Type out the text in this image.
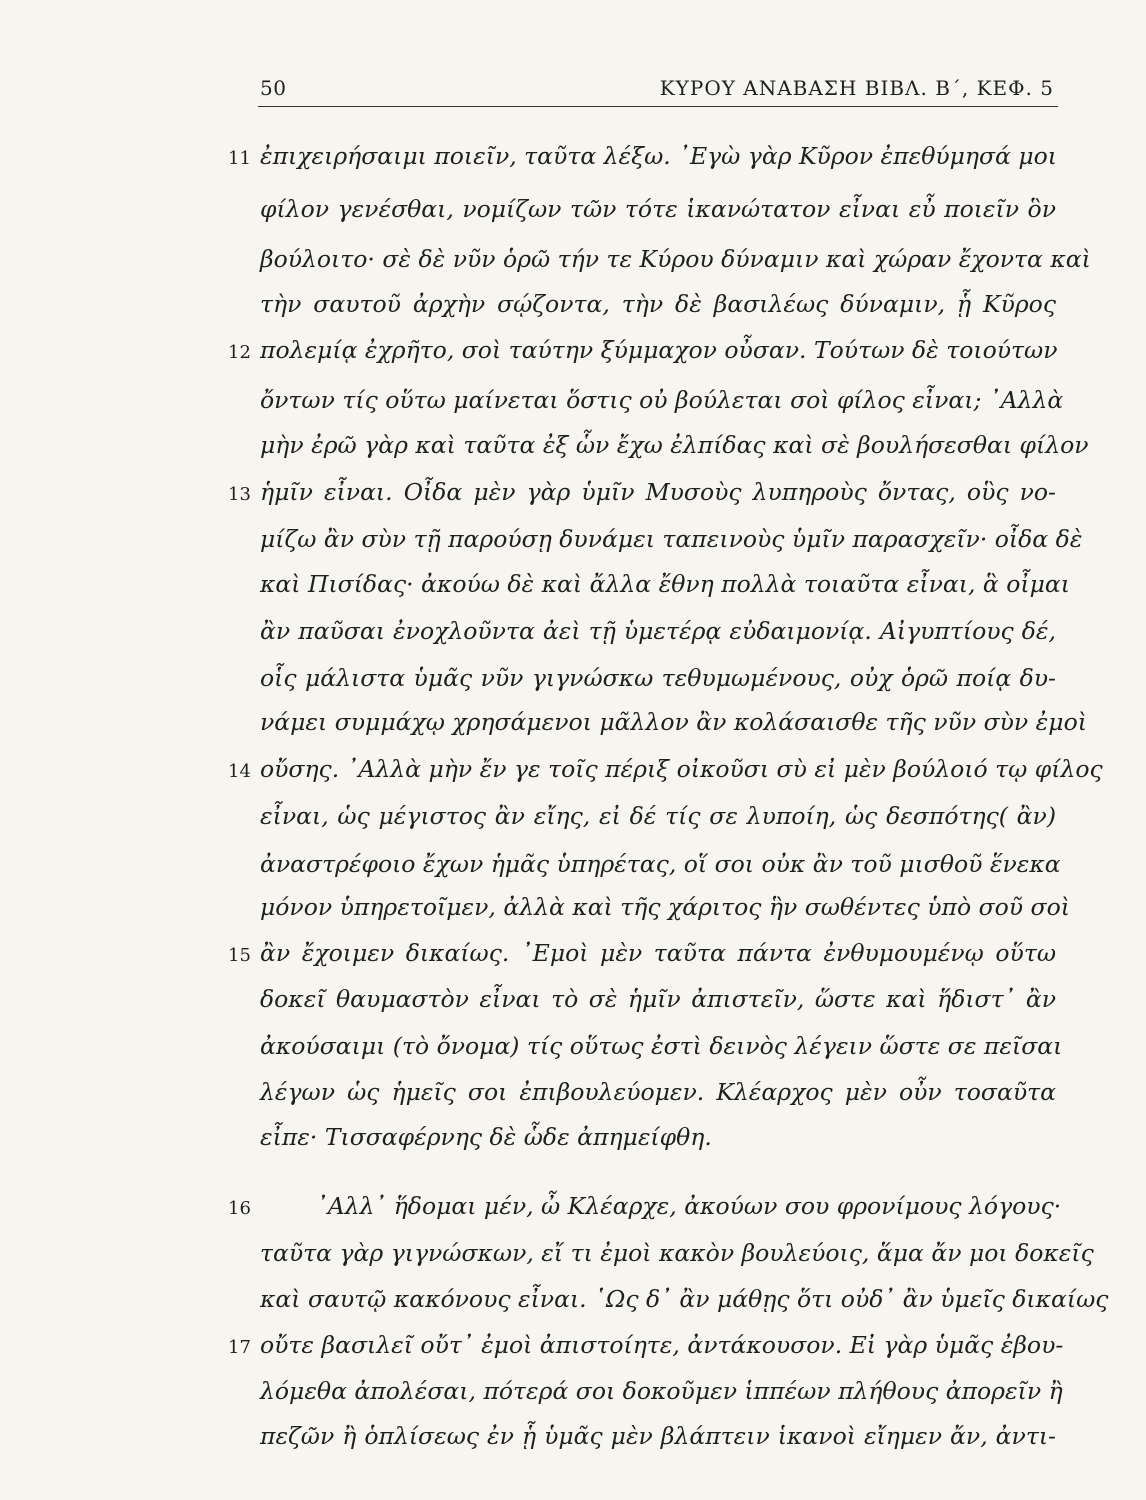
50	ΚΥΡΟΥ ΑΝΑΒΑΣΗ ΒΙΒΛ. Β΄, ΚΕΦ. 5
11 ἐπιχειρήσαιμι ποιεῖν, ταῦτα λέξω. ᾿Εγὼ γὰρ Κῦρον ἐπεθύμησά μοι
φίλον γενέσθαι, νομίζων τῶν τότε ἱκανώτατον εἶναι εὖ ποιεῖν ὃν
βούλοιτο· σὲ δὲ νῦν ὁρῶ τήν τε Κύρου δύναμιν καὶ χώραν ἔχοντα καὶ
τὴν σαυτοῦ ἀρχὴν σῴζοντα, τὴν δὲ βασιλέως δύναμιν, ᾗ Κῦρος
12 πολεμίᾳ ἐχρῆτο, σοὶ ταύτην ξύμμαχον οὖσαν. Τούτων δὲ τοιούτων
ὄντων τίς οὕτω μαίνεται ὅστις οὐ βούλεται σοὶ φίλος εἶναι; ᾿Αλλὰ
μὴν ἐρῶ γὰρ καὶ ταῦτα ἐξ ὧν ἔχω ἐλπίδας καὶ σὲ βουλήσεσθαι φίλον
13 ἡμῖν εἶναι. Οἶδα μὲν γὰρ ὑμῖν Μυσοὺς λυπηροὺς ὄντας, οὓς νο-
μίζω ἂν σὺν τῇ παρούσῃ δυνάμει ταπεινοὺς ὑμῖν παρασχεῖν· οἶδα δὲ
καὶ Πισίδας· ἀκούω δὲ καὶ ἄλλα ἔθνη πολλὰ τοιαῦτα εἶναι, ἃ οἶμαι
ἂν παῦσαι ἐνοχλοῦντα ἀεὶ τῇ ὑμετέρᾳ εὐδαιμονίᾳ. Αἰγυπτίους δέ,
οἷς μάλιστα ὑμᾶς νῦν γιγνώσκω τεθυμωμένους, οὐχ ὁρῶ ποίᾳ δυ-
νάμει συμμάχῳ χρησάμενοι μᾶλλον ἂν κολάσαισθε τῆς νῦν σὺν ἐμοὶ
14 οὔσης. ᾿Αλλὰ μὴν ἔν γε τοῖς πέριξ οἰκοῦσι σὺ εἰ μὲν βούλοιό τῳ φίλος
εἶναι, ὡς μέγιστος ἂν εἴης, εἰ δέ τίς σε λυποίη, ὡς δεσπότης( ἂν)
ἀναστρέφοιο ἔχων ἡμᾶς ὑπηρέτας, οἵ σοι οὐκ ἂν τοῦ μισθοῦ ἕνεκα
μόνον ὑπηρετοῖμεν, ἀλλὰ καὶ τῆς χάριτος ἣν σωθέντες ὑπὸ σοῦ σοὶ
15 ἂν ἔχοιμεν δικαίως. ᾿Εμοὶ μὲν ταῦτα πάντα ἐνθυμουμένῳ οὕτω
δοκεῖ θαυμαστὸν εἶναι τὸ σὲ ἡμῖν ἀπιστεῖν, ὥστε καὶ ἥδιστ᾿ ἂν
ἀκούσαιμι (τὸ ὄνομα) τίς οὕτως ἐστὶ δεινὸς λέγειν ὥστε σε πεῖσαι
λέγων ὡς ἡμεῖς σοι ἐπιβουλεύομεν. Κλέαρχος μὲν οὖν τοσαῦτα
εἶπε· Τισσαφέρνης δὲ ὧδε ἀπημείφθη.
16	᾿Αλλ᾿ ἥδομαι μέν, ὦ Κλέαρχε, ἀκούων σου φρονίμους λόγους·
ταῦτα γὰρ γιγνώσκων, εἴ τι ἐμοὶ κακὸν βουλεύοις, ἅμα ἄν μοι δοκεῖς
καὶ σαυτῷ κακόνους εἶναι. ῾Ως δ᾿ ἂν μάθῃς ὅτι οὐδ᾿ ἂν ὑμεῖς δικαίως
17 οὔτε βασιλεῖ οὔτ᾿ ἐμοὶ ἀπιστοίητε, ἀντάκουσον. Εἰ γὰρ ὑμᾶς ἐβου-
λόμεθα ἀπολέσαι, πότερά σοι δοκοῦμεν ἱππέων πλήθους ἀπορεῖν ἢ
πεζῶν ἢ ὁπλίσεως ἐν ᾗ ὑμᾶς μὲν βλάπτειν ἱκανοὶ εἴημεν ἄν, ἀντι-
